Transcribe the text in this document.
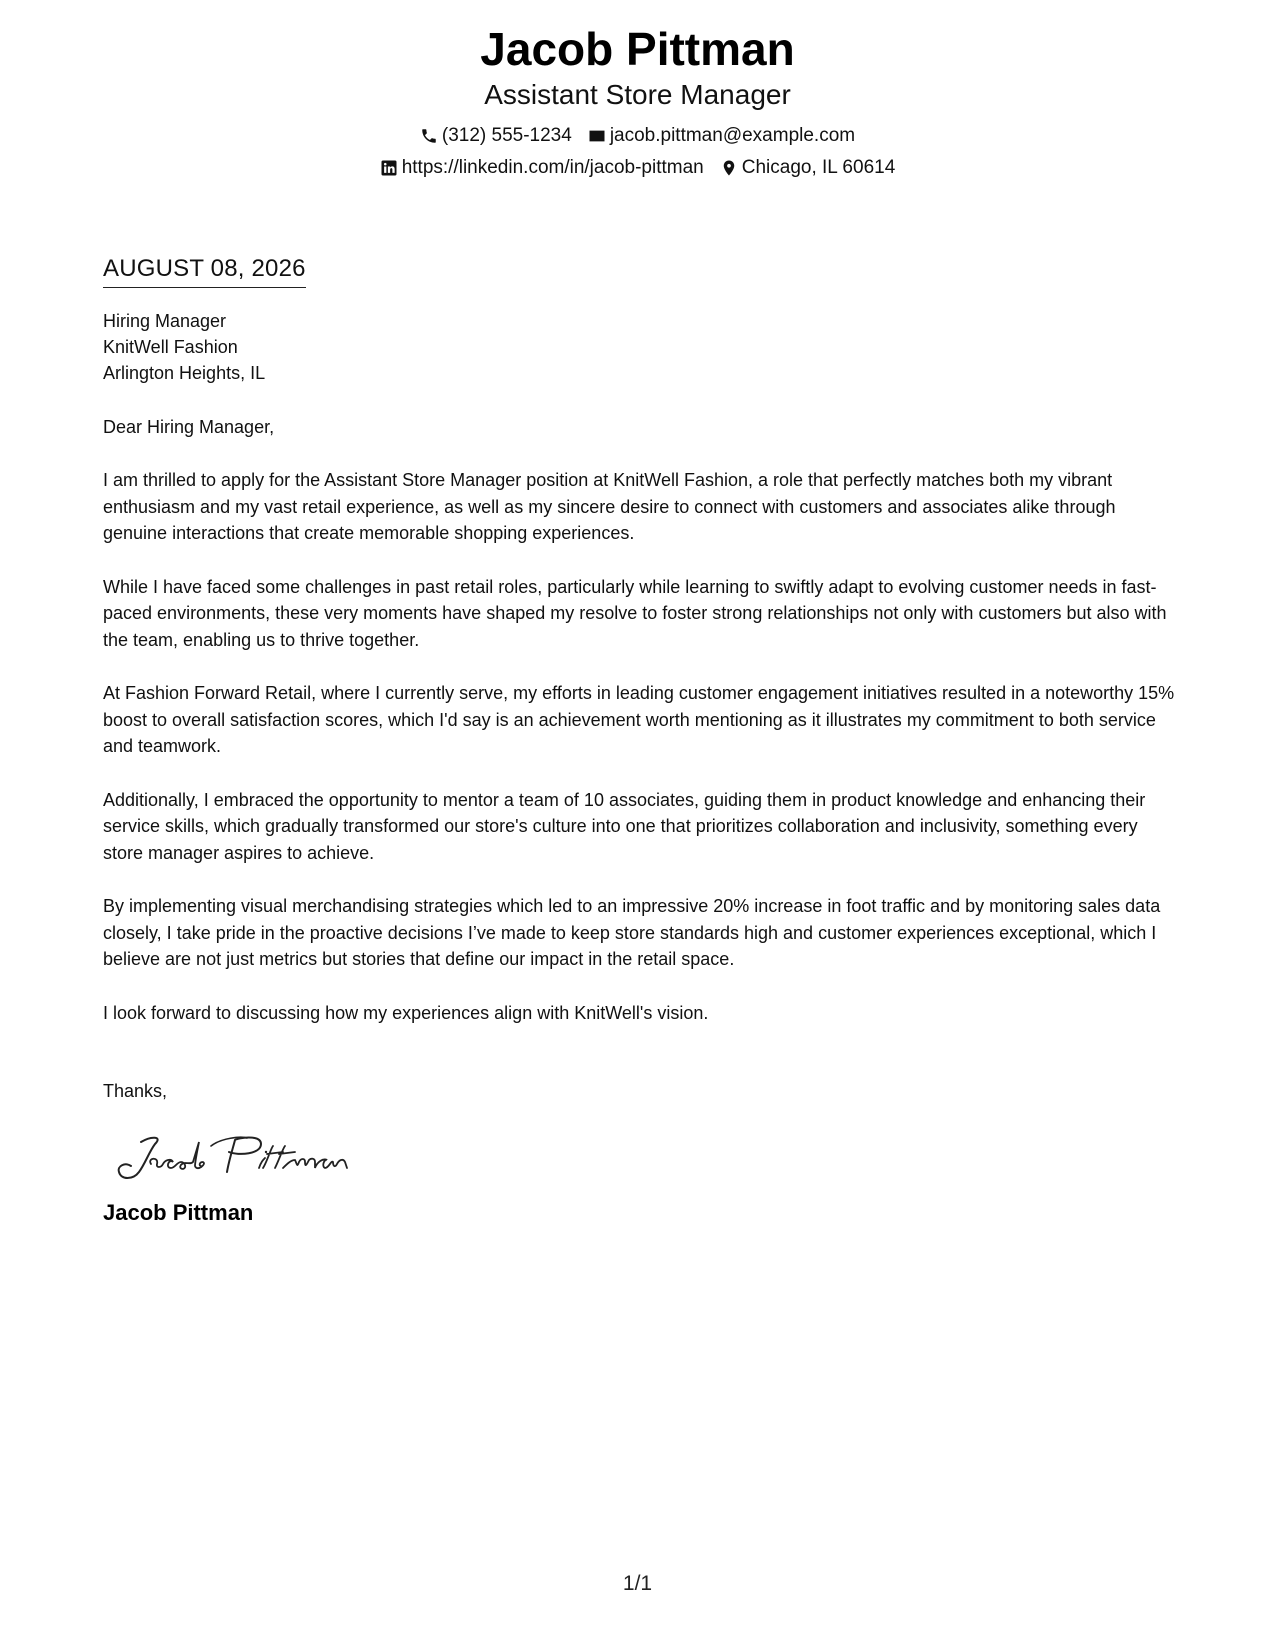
Jacob Pittman
Assistant Store Manager
(312) 555-1234 jacob.pittman@example.com
https://linkedin.com/in/jacob-pittman Chicago, IL 60614
AUGUST 08, 2026
Hiring Manager
KnitWell Fashion
Arlington Heights, IL
Dear Hiring Manager,
I am thrilled to apply for the Assistant Store Manager position at KnitWell Fashion, a role that perfectly matches both my vibrant enthusiasm and my vast retail experience, as well as my sincere desire to connect with customers and associates alike through genuine interactions that create memorable shopping experiences.
While I have faced some challenges in past retail roles, particularly while learning to swiftly adapt to evolving customer needs in fast-paced environments, these very moments have shaped my resolve to foster strong relationships not only with customers but also with the team, enabling us to thrive together.
At Fashion Forward Retail, where I currently serve, my efforts in leading customer engagement initiatives resulted in a noteworthy 15% boost to overall satisfaction scores, which I'd say is an achievement worth mentioning as it illustrates my commitment to both service and teamwork.
Additionally, I embraced the opportunity to mentor a team of 10 associates, guiding them in product knowledge and enhancing their service skills, which gradually transformed our store's culture into one that prioritizes collaboration and inclusivity, something every store manager aspires to achieve.
By implementing visual merchandising strategies which led to an impressive 20% increase in foot traffic and by monitoring sales data closely, I take pride in the proactive decisions I’ve made to keep store standards high and customer experiences exceptional, which I believe are not just metrics but stories that define our impact in the retail space.
I look forward to discussing how my experiences align with KnitWell's vision.
Thanks,
Jacob Pittman
1/1
